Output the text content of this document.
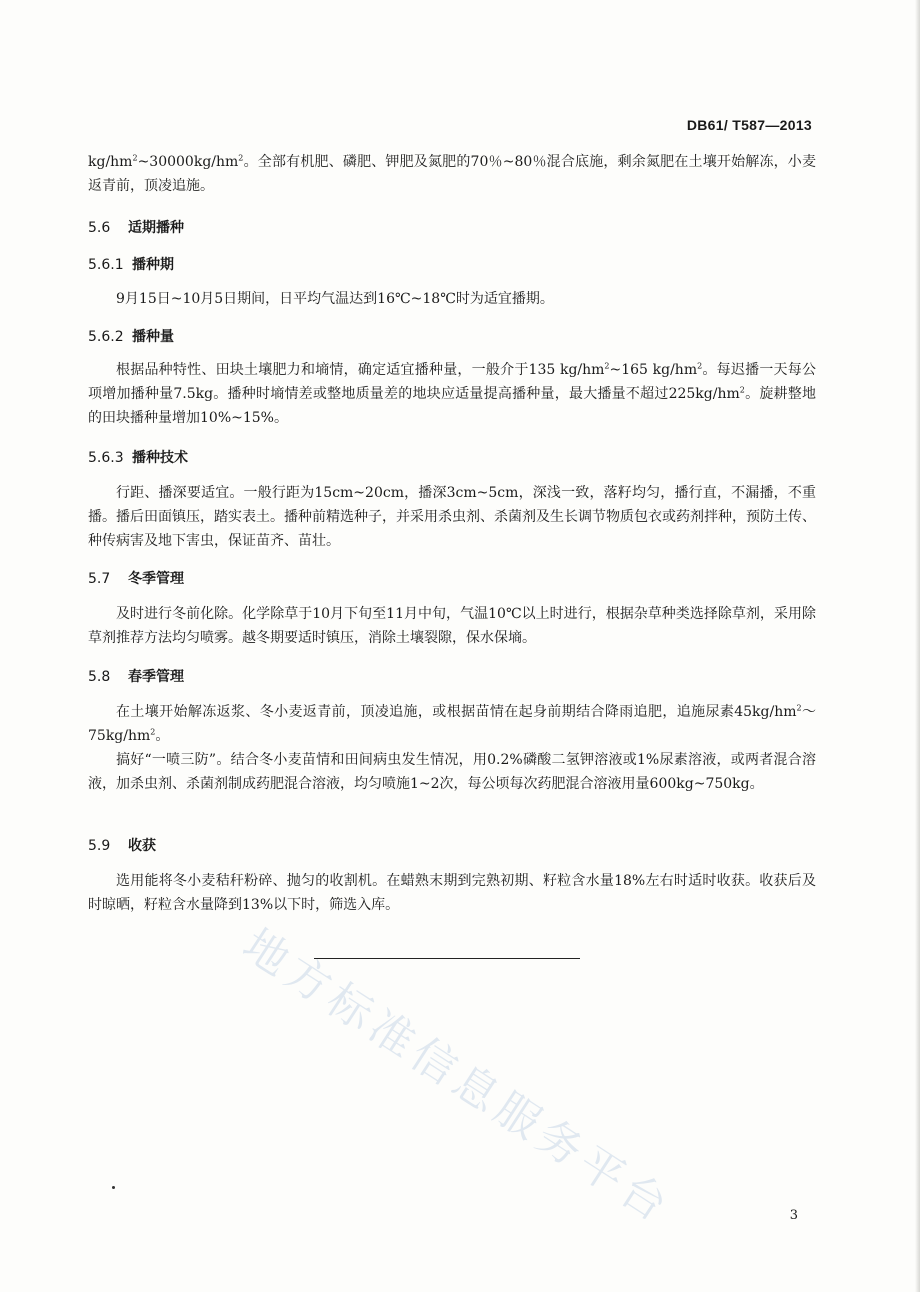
DB61/ T587—2013
$kg/hm^2\sim 30000kg/hm^2$。全部有机肥、磷肥、钾肥及氮肥的70％~80％混合底施，剩余氮肥在土壤开始解冻，小麦返青前，顶凌追施。
5.6 适期播种
5.6.1 播种期
9月15日~10月5日期间，日平均气温达到16℃~18℃时为适宜播期。
5.6.2 播种量
根据品种特性、田块土壤肥力和墒情，确定适宜播种量，一般介于135 $kg/hm^2\sim 165$ $kg/hm^2$。每迟播一天每公项增加播种量7.5kg。播种时墒情差或整地质量差的地块应适量提高播种量，最大播量不超过$225kg/hm^2$。旋耕整地的田块播种量增加10%~15%。
5.6.3 播种技术
行距、播深要适宜。一般行距为15cm~20cm，播深3cm~5cm，深浅一致，落籽均匀，播行直，不漏播，不重播。播后田面镇压，踏实表土。播种前精选种子，并采用杀虫剂、杀菌剂及生长调节物质包衣或药剂拌种，预防土传、种传病害及地下害虫，保证苗齐、苗壮。
5.7 冬季管理
及时进行冬前化除。化学除草于10月下旬至11月中旬，气温10℃以上时进行，根据杂草种类选择除草剂，采用除草剂推荐方法均匀喷雾。越冬期要适时镇压，消除土壤裂隙，保水保墒。
5.8 春季管理
在土壤开始解冻返浆、冬小麦返青前，顶凌追施，或根据苗情在起身前期结合降雨追肥，追施尿素$45kg/hm^2\sim 75kg/hm^2$。
搞好“一喷三防”。结合冬小麦苗情和田间病虫发生情况，用0.2%磷酸二氢钾溶液或1%尿素溶液，或两者混合溶液，加杀虫剂、杀菌剂制成药肥混合溶液，均匀喷施1~2次，每公顷每次药肥混合溶液用量600kg~750kg。
5.9 收获
选用能将冬小麦秸秆粉碎、抛匀的收割机。在蜡熟末期到完熟初期、籽粒含水量18%左右时适时收获。收获后及时晾晒，籽粒含水量降到13%以下时，筛选入库。
地方标准信息服务平台	3
